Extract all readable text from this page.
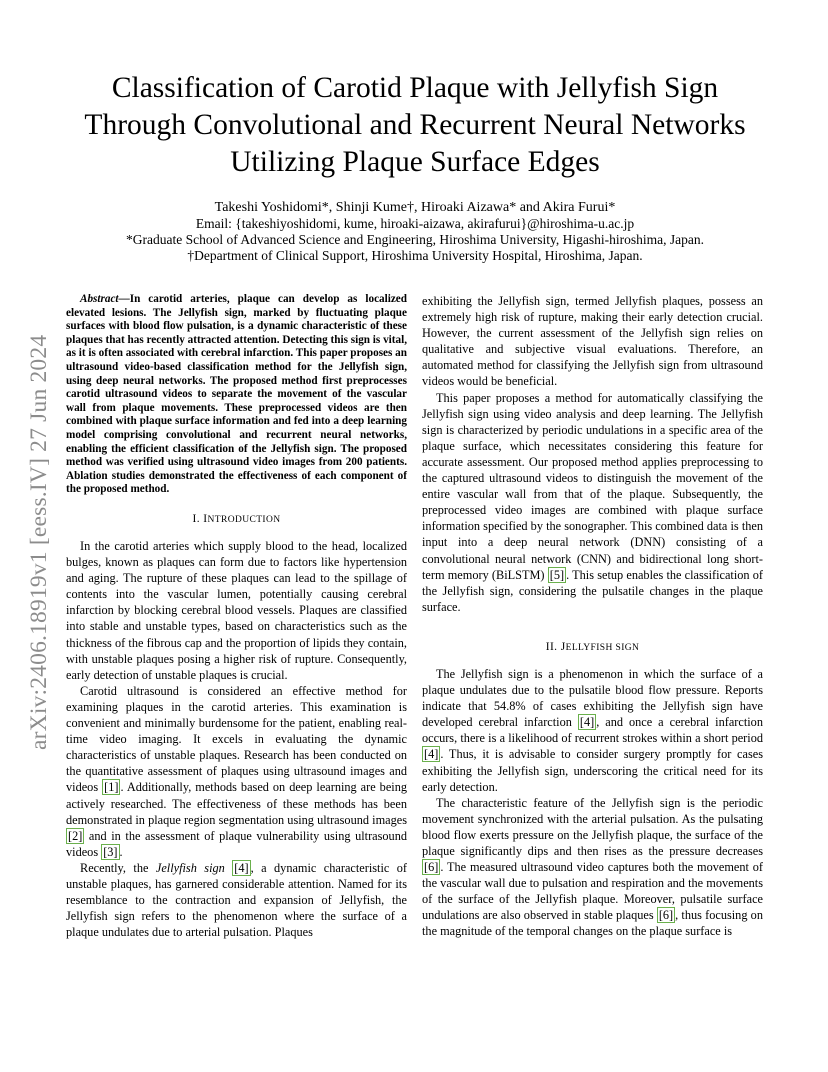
arXiv:2406.18919v1 [eess.IV] 27 Jun 2024
Classification of Carotid Plaque with Jellyfish Sign Through Convolutional and Recurrent Neural Networks Utilizing Plaque Surface Edges
Takeshi Yoshidomi*, Shinji Kume†, Hiroaki Aizawa* and Akira Furui*
Email: {takeshiyoshidomi, kume, hiroaki-aizawa, akirafurui}@hiroshima-u.ac.jp
*Graduate School of Advanced Science and Engineering, Hiroshima University, Higashi-hiroshima, Japan.
†Department of Clinical Support, Hiroshima University Hospital, Hiroshima, Japan.

Abstract—In carotid arteries, plaque can develop as localized elevated lesions. The Jellyfish sign, marked by fluctuating plaque surfaces with blood flow pulsation, is a dynamic characteristic of these plaques that has recently attracted attention. Detecting this sign is vital, as it is often associated with cerebral infarction. This paper proposes an ultrasound video-based classification method for the Jellyfish sign, using deep neural networks. The proposed method first preprocesses carotid ultrasound videos to separate the movement of the vascular wall from plaque movements. These preprocessed videos are then combined with plaque surface information and fed into a deep learning model comprising convolutional and recurrent neural networks, enabling the efficient classification of the Jellyfish sign. The proposed method was verified using ultrasound video images from 200 patients. Ablation studies demonstrated the effectiveness of each component of the proposed method.

I. INTRODUCTION

In the carotid arteries which supply blood to the head, localized bulges, known as plaques can form due to factors like hypertension and aging. The rupture of these plaques can lead to the spillage of contents into the vascular lumen, potentially causing cerebral infarction by blocking cerebral blood vessels. Plaques are classified into stable and unstable types, based on characteristics such as the thickness of the fibrous cap and the proportion of lipids they contain, with unstable plaques posing a higher risk of rupture. Consequently, early detection of unstable plaques is crucial.

Carotid ultrasound is considered an effective method for examining plaques in the carotid arteries. This examination is convenient and minimally burdensome for the patient, enabling real-time video imaging. It excels in evaluating the dynamic characteristics of unstable plaques. Research has been conducted on the quantitative assessment of plaques using ultrasound images and videos [1] . Additionally, methods based on deep learning are being actively researched. The effectiveness of these methods has been demonstrated in plaque region segmentation using ultrasound images [2] and in the assessment of plaque vulnerability using ultrasound videos [3] .

Recently, the Jellyfish sign [4] , a dynamic characteristic of unstable plaques, has garnered considerable attention. Named for its resemblance to the contraction and expansion of Jellyfish, the Jellyfish sign refers to the phenomenon where the surface of a plaque undulates due to arterial pulsation. Plaques

exhibiting the Jellyfish sign, termed Jellyfish plaques, possess an extremely high risk of rupture, making their early detection crucial. However, the current assessment of the Jellyfish sign relies on qualitative and subjective visual evaluations. Therefore, an automated method for classifying the Jellyfish sign from ultrasound videos would be beneficial.

This paper proposes a method for automatically classifying the Jellyfish sign using video analysis and deep learning. The Jellyfish sign is characterized by periodic undulations in a specific area of the plaque surface, which necessitates considering this feature for accurate assessment. Our proposed method applies preprocessing to the captured ultrasound videos to distinguish the movement of the entire vascular wall from that of the plaque. Subsequently, the preprocessed video images are combined with plaque surface information specified by the sonographer. This combined data is then input into a deep neural network (DNN) consisting of a convolutional neural network (CNN) and bidirectional long short-term memory (BiLSTM) [5] . This setup enables the classification of the Jellyfish sign, considering the pulsatile changes in the plaque surface.

II. JELLYFISH SIGN

The Jellyfish sign is a phenomenon in which the surface of a plaque undulates due to the pulsatile blood flow pressure. Reports indicate that 54.8% of cases exhibiting the Jellyfish sign have developed cerebral infarction [4] , and once a cerebral infarction occurs, there is a likelihood of recurrent strokes within a short period [4] . Thus, it is advisable to consider surgery promptly for cases exhibiting the Jellyfish sign, underscoring the critical need for its early detection.

The characteristic feature of the Jellyfish sign is the periodic movement synchronized with the arterial pulsation. As the pulsating blood flow exerts pressure on the Jellyfish plaque, the surface of the plaque significantly dips and then rises as the pressure decreases [6] . The measured ultrasound video captures both the movement of the vascular wall due to pulsation and respiration and the movements of the surface of the Jellyfish plaque. Moreover, pulsatile surface undulations are also observed in stable plaques [6] , thus focusing on the magnitude of the temporal changes on the plaque surface is
